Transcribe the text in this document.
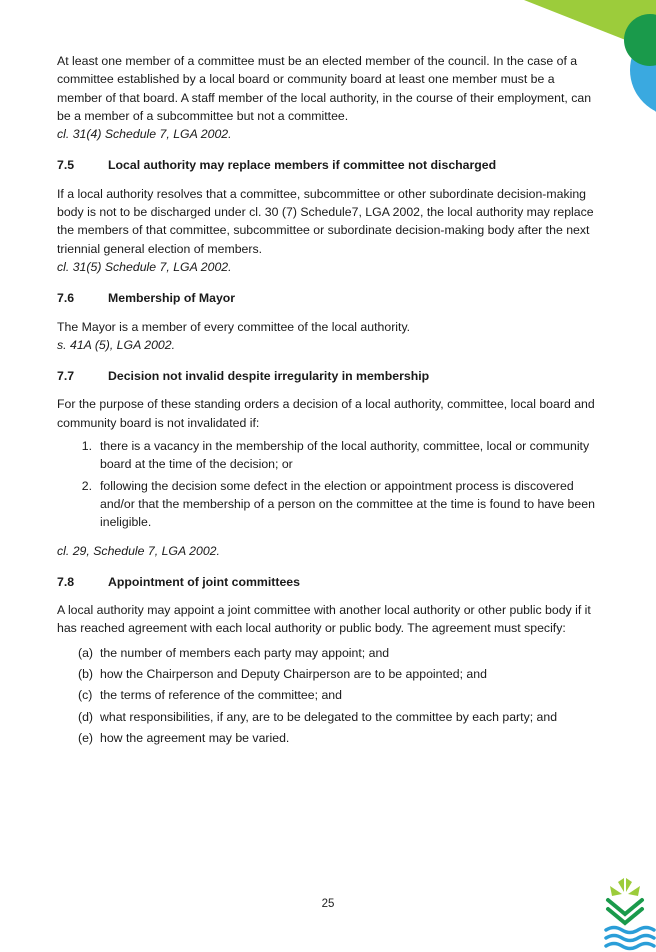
At least one member of a committee must be an elected member of the council. In the case of a committee established by a local board or community board at least one member must be a member of that board. A staff member of the local authority, in the course of their employment, can be a member of a subcommittee but not a committee.

cl. 31(4) Schedule 7, LGA 2002.

7.5	Local authority may replace members if committee not discharged

If a local authority resolves that a committee, subcommittee or other subordinate decision-making body is not to be discharged under cl. 30 (7) Schedule7, LGA 2002, the local authority may replace the members of that committee, subcommittee or subordinate decision-making body after the next triennial general election of members.

cl. 31(5) Schedule 7, LGA 2002.

7.6	Membership of Mayor

The Mayor is a member of every committee of the local authority.

s. 41A (5), LGA 2002.

7.7	Decision not invalid despite irregularity in membership

For the purpose of these standing orders a decision of a local authority, committee, local board and community board is not invalidated if:

1. there is a vacancy in the membership of the local authority, committee, local or community board at the time of the decision; or
2. following the decision some defect in the election or appointment process is discovered and/or that the membership of a person on the committee at the time is found to have been ineligible.

cl. 29, Schedule 7, LGA 2002.

7.8	Appointment of joint committees

A local authority may appoint a joint committee with another local authority or other public body if it has reached agreement with each local authority or public body. The agreement must specify:

(a) the number of members each party may appoint; and
(b) how the Chairperson and Deputy Chairperson are to be appointed; and
(c) the terms of reference of the committee; and
(d) what responsibilities, if any, are to be delegated to the committee by each party; and
(e) how the agreement may be varied.
25
